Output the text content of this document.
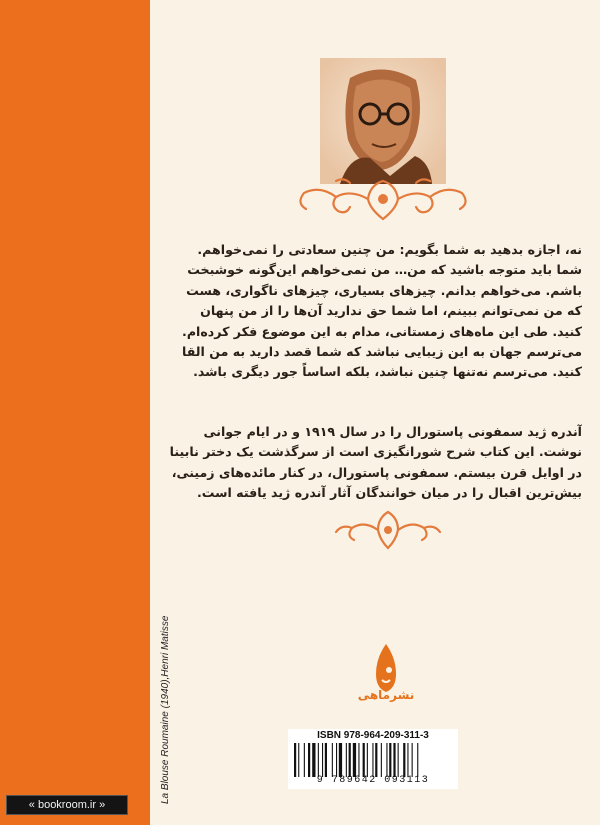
La Blouse Roumaine (1940),Henri Matisse
« bookroom.ir »
نه، اجازه بدهید به شما بگویم: من چنین سعادتی را نمی‌خواهم.
شما باید متوجه باشید که من… من نمی‌خواهم این‌گونه خوشبخت
باشم. می‌خواهم بدانم. چیزهای بسیاری، چیزهای ناگواری، هست
که من نمی‌توانم ببینم، اما شما حق ندارید آن‌ها را از من پنهان
کنید. طی این ماه‌های زمستانی، مدام به این موضوع فکر کرده‌ام.
می‌ترسم جهان به این زیبایی نباشد که شما قصد دارید به من القا
کنید. می‌ترسم نه‌تنها چنین نباشد، بلکه اساساً جور دیگری باشد.
آندره ژید سمفونی پاستورال را در سال ۱۹۱۹ و در ایام جوانی
نوشت. این کتاب شرح شورانگیزی است از سرگذشت یک دختر نابینا
در اوایل قرن بیستم. سمفونی پاستورال، در کنار مائده‌های زمینی،
بیش‌ترین اقبال را در میان خوانندگان آثار آندره ژید یافته است.
نشرماهی
ISBN 978-964-209-311-3
9 789642 093113
